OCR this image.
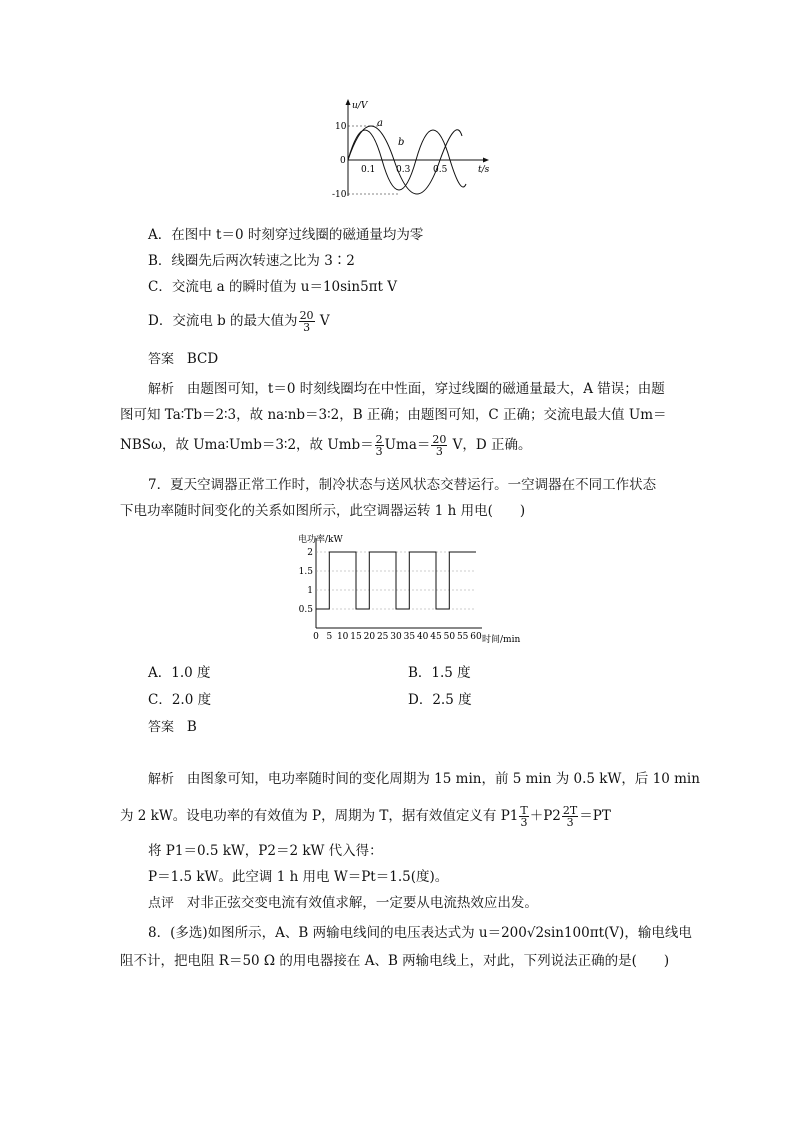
u/V
t/s
10
0
-10
0.1 0.3	0.5
a
b
A．在图中 t＝0 时刻穿过线圈的磁通量均为零
B．线圈先后两次转速之比为 3∶2
C．交流电 a 的瞬时值为 u＝10sin5πt V
D．交流电 b 的最大值为 $\frac{20}{3}$ V
答案 BCD
解析 由题图可知，t＝0 时刻线圈均在中性面，穿过线圈的磁通量最大，A 错误；由题
图可知 Ta∶Tb＝2∶3，故 na∶nb＝3∶2，B 正确；由题图可知，C 正确；交流电最大值 Um＝
NBSω，故 Uma∶Umb＝3∶2，故 $Umb= \frac{2}{3} Uma= \frac{20}{3}$ V，D 正确。
7．夏天空调器正常工作时，制冷状态与送风状态交替运行。一空调器在不同工作状态
下电功率随时间变化的关系如图所示，此空调器运转 1 h 用电(　　)
电功率/kW
时间/min
2
1.5
1
0.5
0 5 10 15 20 25 30 35 40 45 50 55 60
A．1.0 度	B．1.5 度
C．2.0 度	D．2.5 度
答案 B
解析 由图象可知，电功率随时间的变化周期为 15 min，前 5 min 为 0.5 kW，后 10 min
为 2 kW。设电功率的有效值为 P，周期为 T，据有效值定义有 $P1 \frac{T}{3} +P2 \frac{2T}{3} =PT$
将 P1＝0.5 kW，P2＝2 kW 代入得：
P＝1.5 kW。此空调 1 h 用电 W＝Pt＝1.5(度)。
点评 对非正弦交变电流有效值求解，一定要从电流热效应出发。
8．(多选)如图所示，A、B 两输电线间的电压表达式为 u＝200√2sin100πt(V)，输电线电
阻不计，把电阻 R＝50 Ω 的用电器接在 A、B 两输电线上，对此，下列说法正确的是(　　)
